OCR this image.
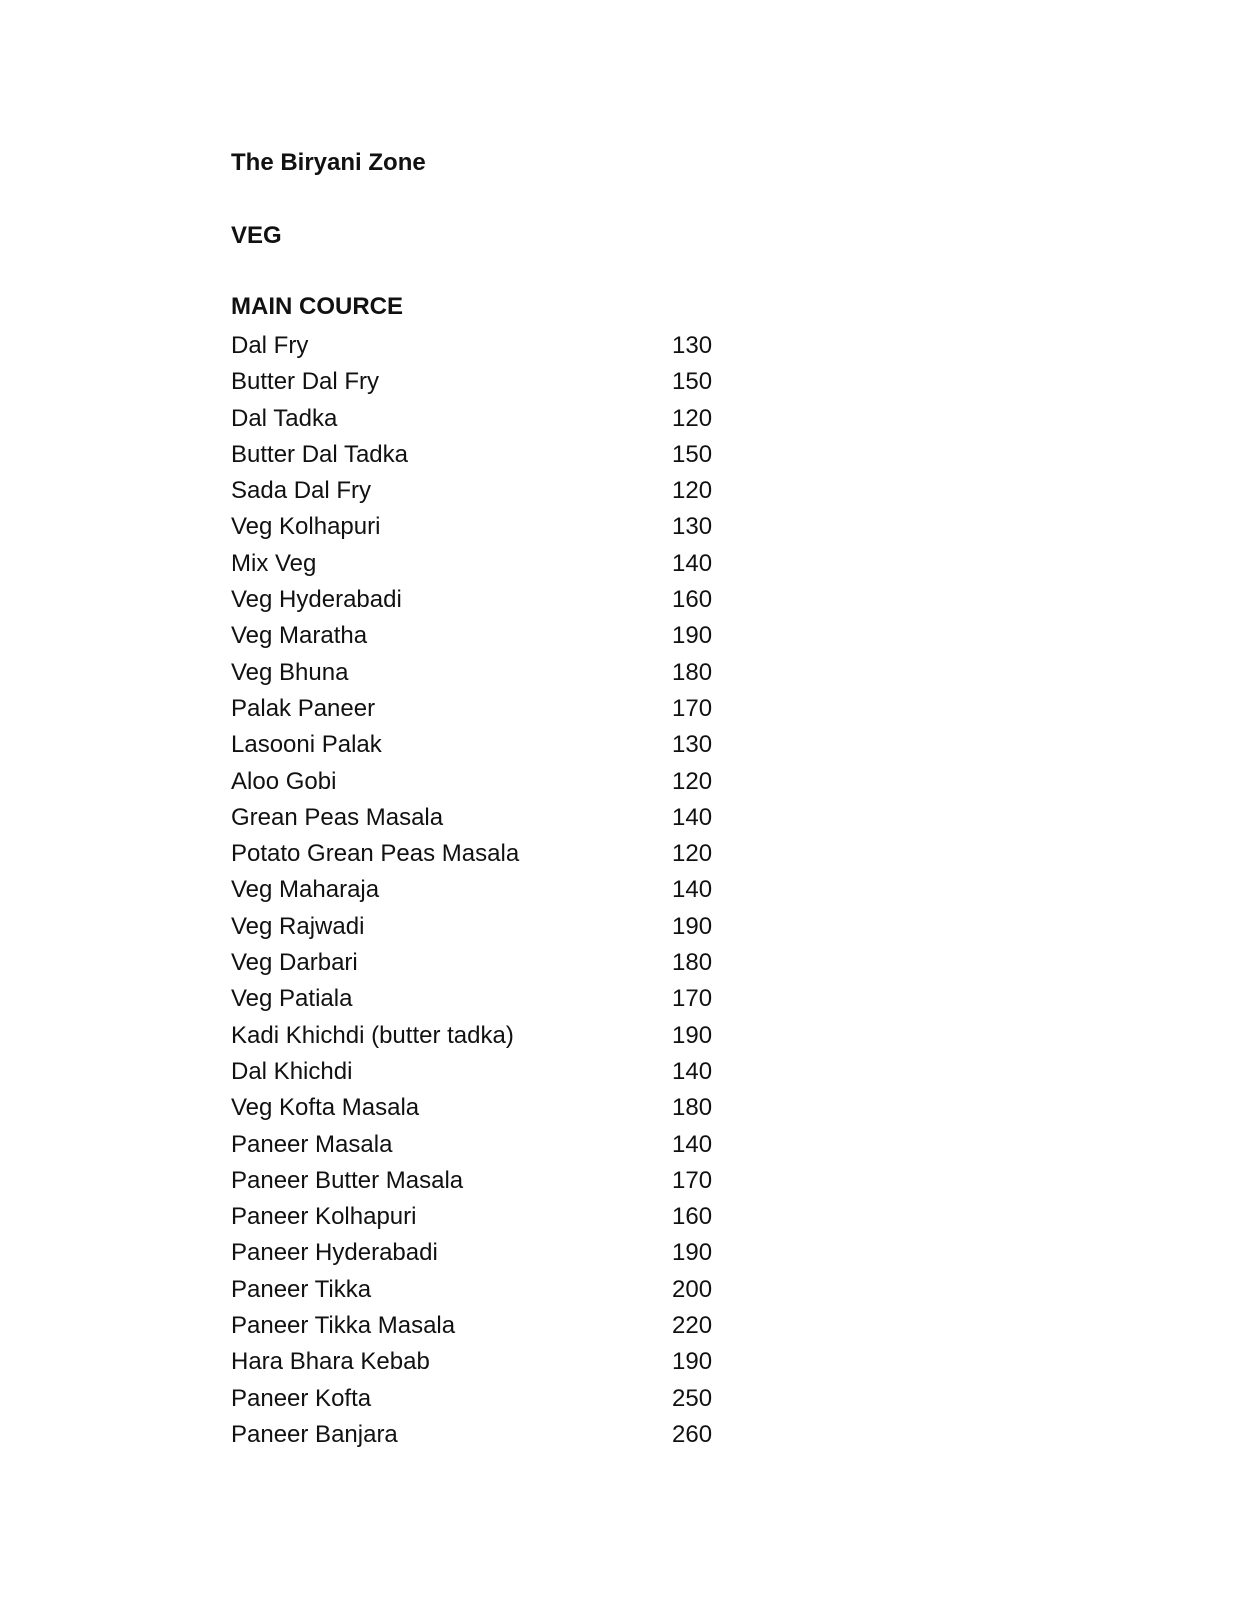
The Biryani Zone
VEG
MAIN COURCE
Dal Fry	130
Butter Dal Fry	150
Dal Tadka	120
Butter Dal Tadka	150
Sada Dal Fry	120
Veg Kolhapuri	130
Mix Veg	140
Veg Hyderabadi	160
Veg Maratha	190
Veg Bhuna	180
Palak Paneer	170
Lasooni Palak	130
Aloo Gobi	120
Grean Peas Masala	140
Potato Grean Peas Masala	120
Veg Maharaja	140
Veg Rajwadi	190
Veg Darbari	180
Veg Patiala	170
Kadi Khichdi (butter tadka)	190
Dal Khichdi	140
Veg Kofta Masala	180
Paneer Masala	140
Paneer Butter Masala	170
Paneer Kolhapuri	160
Paneer Hyderabadi	190
Paneer Tikka	200
Paneer Tikka Masala	220
Hara Bhara Kebab	190
Paneer Kofta	250
Paneer Banjara	260
